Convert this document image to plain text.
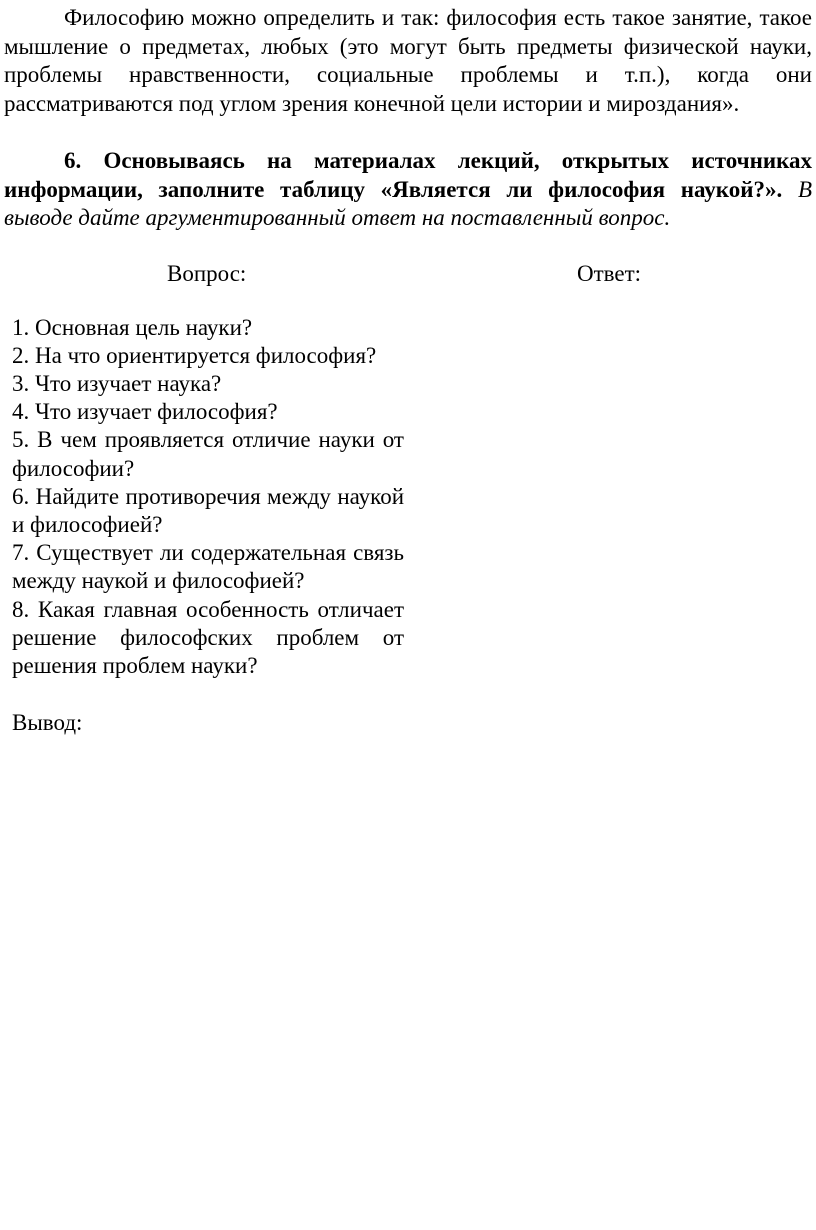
Философию можно определить и так: философия есть такое занятие, такое мышление о предметах, любых (это могут быть предметы физической науки, проблемы нравственности, социальные проблемы и т.п.), когда они рассматриваются под углом зрения конечной цели истории и мироздания».

6. Основываясь на материалах лекций, открытых источниках информации, заполните таблицу «Является ли философия наукой?». В выводе дайте аргументированный ответ на поставленный вопрос.

Вопрос:	Ответ:

1. Основная цель науки?

2. На что ориентируется философия?

3. Что изучает наука?

4. Что изучает философия?

5. В чем проявляется отличие науки от философии?

6. Найдите противоречия между наукой и философией?

7. Существует ли содержательная связь между наукой и философией?

8. Какая главная особенность отличает решение философских проблем от решения проблем науки?

Вывод:
